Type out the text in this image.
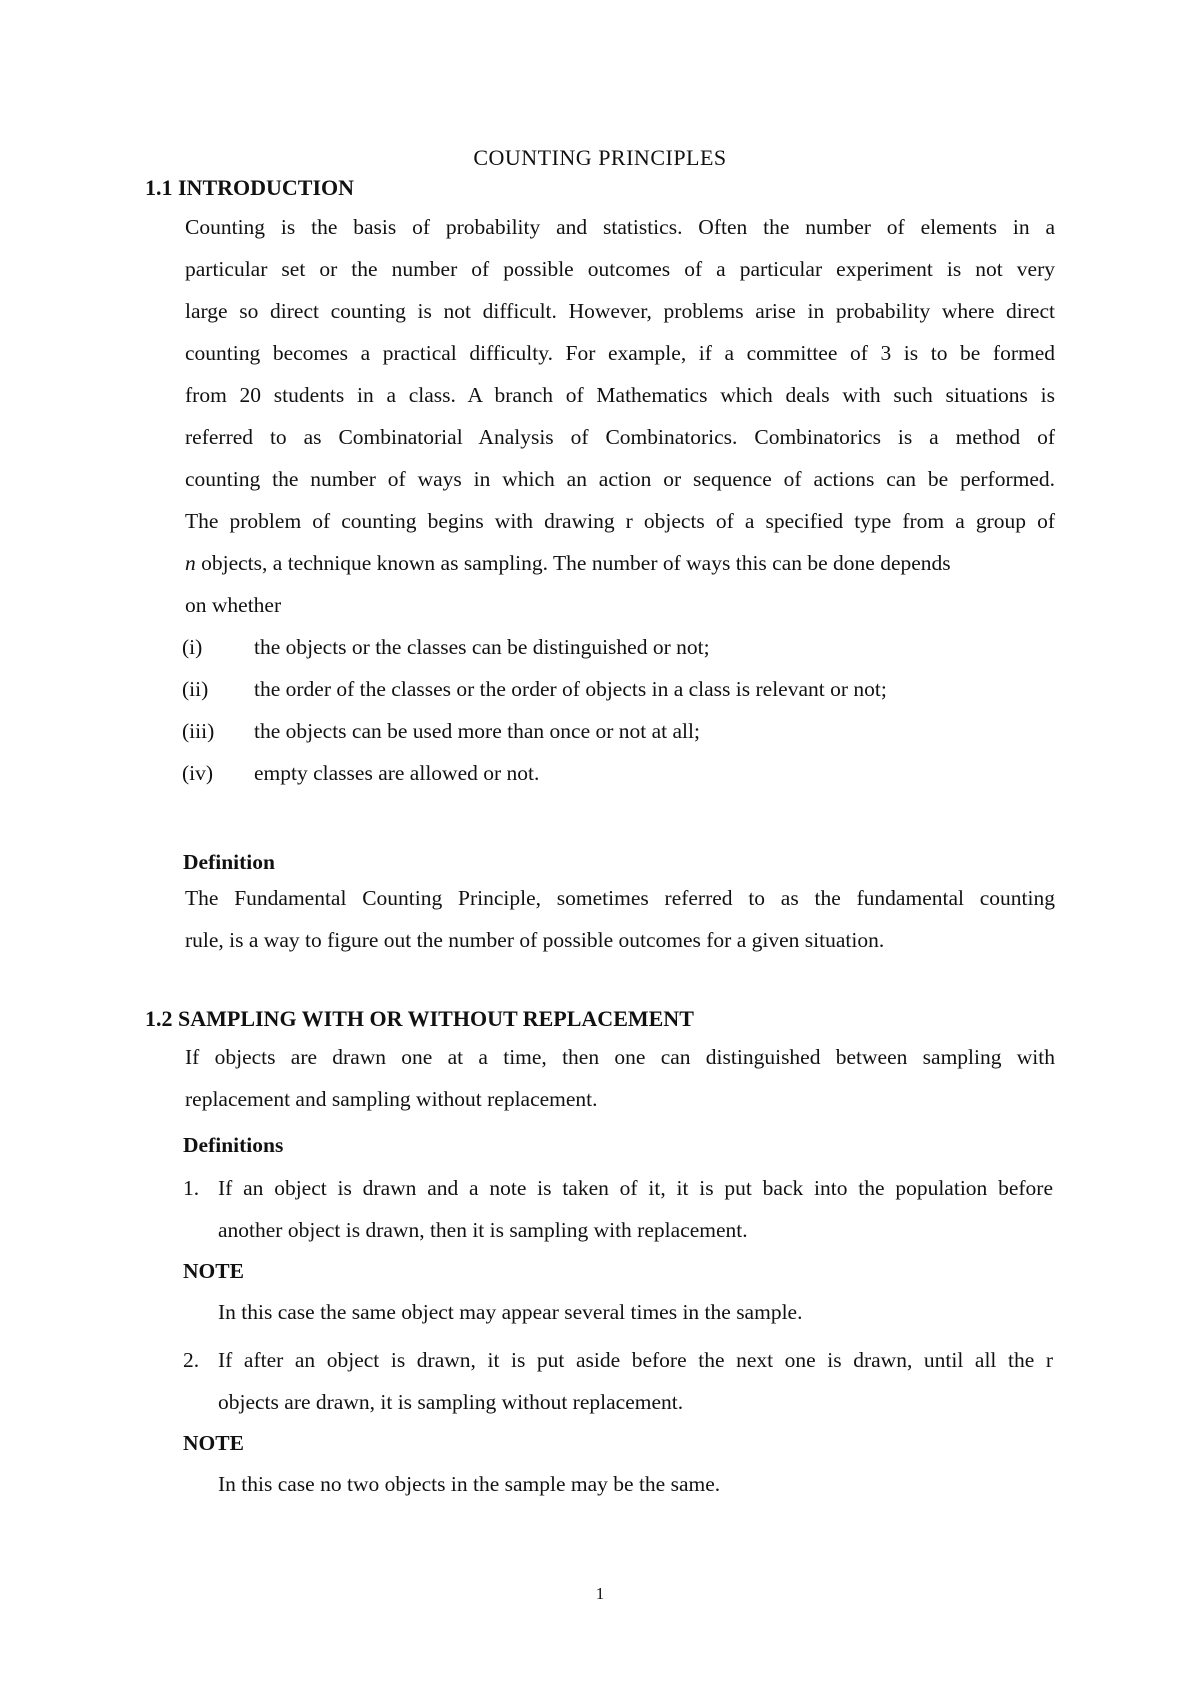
COUNTING PRINCIPLES
1.1 INTRODUCTION
Counting is the basis of probability and statistics. Often the number of elements in a
particular set or the number of possible outcomes of a particular experiment is not very
large so direct counting is not difficult. However, problems arise in probability where direct
counting becomes a practical difficulty. For example, if a committee of 3 is to be formed
from 20 students in a class. A branch of Mathematics which deals with such situations is
referred to as Combinatorial Analysis of Combinatorics. Combinatorics is a method of
counting the number of ways in which an action or sequence of actions can be performed.
The problem of counting begins with drawing r objects of a specified type from a group of
n objects, a technique known as sampling. The number of ways this can be done depends
on whether
(i)	the objects or the classes can be distinguished or not;
(ii)	the order of the classes or the order of objects in a class is relevant or not;
(iii)	the objects can be used more than once or not at all;
(iv)	empty classes are allowed or not.
Definition
The Fundamental Counting Principle, sometimes referred to as the fundamental counting
rule, is a way to figure out the number of possible outcomes for a given situation.
1.2 SAMPLING WITH OR WITHOUT REPLACEMENT
If objects are drawn one at a time, then one can distinguished between sampling with
replacement and sampling without replacement.
Definitions
1. If an object is drawn and a note is taken of it, it is put back into the population before
another object is drawn, then it is sampling with replacement.
NOTE
In this case the same object may appear several times in the sample.
2. If after an object is drawn, it is put aside before the next one is drawn, until all the r
objects are drawn, it is sampling without replacement.
NOTE
In this case no two objects in the sample may be the same.
1
